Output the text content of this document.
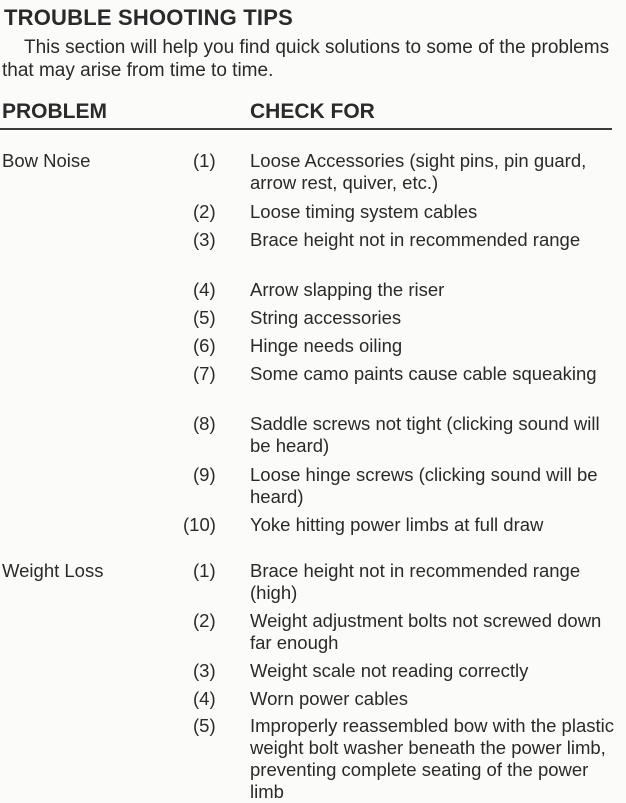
TROUBLE SHOOTING TIPS
This section will help you find quick solutions to some of the problems that may arise from time to time.
PROBLEM	CHECK FOR
Bow Noise	(1)	Loose Accessories (sight pins, pin guard, arrow rest, quiver, etc.)
(2)	Loose timing system cables
(3)	Brace height not in recommended range
(4)	Arrow slapping the riser
(5)	String accessories
(6)	Hinge needs oiling
(7)	Some camo paints cause cable squeaking
(8)	Saddle screws not tight (clicking sound will be heard)
(9)	Loose hinge screws (clicking sound will be heard)
(10)	Yoke hitting power limbs at full draw
Weight Loss	(1)	Brace height not in recommended range (high)
(2)	Weight adjustment bolts not screwed down far enough
(3)	Weight scale not reading correctly
(4)	Worn power cables
(5)	Improperly reassembled bow with the plastic weight bolt washer beneath the power limb, preventing complete seating of the power limb
